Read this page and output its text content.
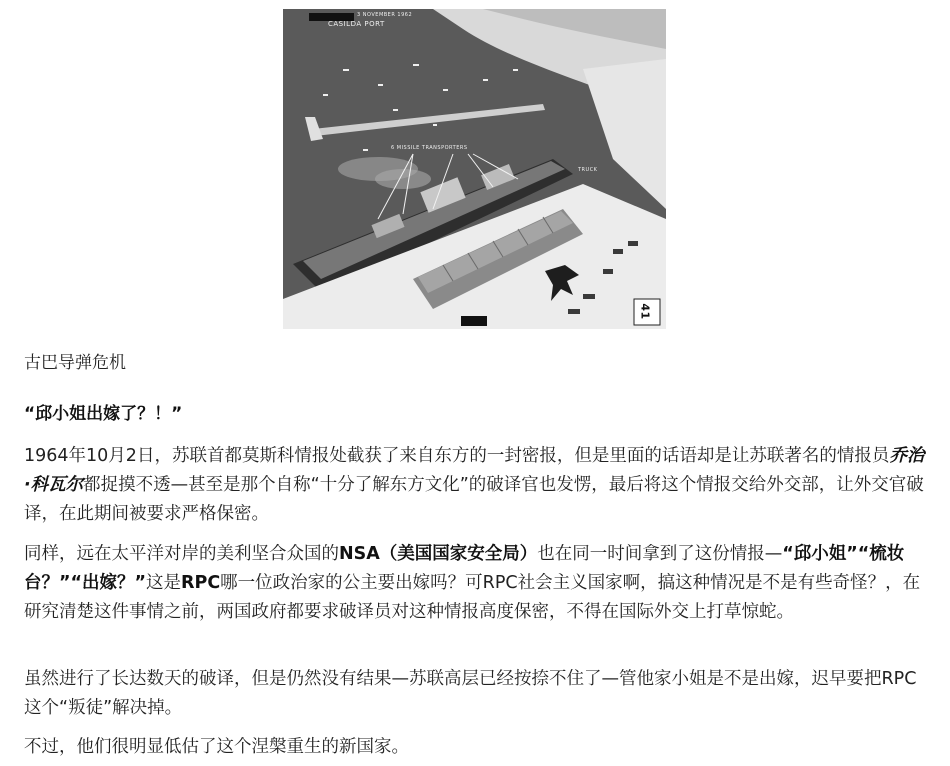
CASILDA PORT
3 NOVEMBER 1962
6 MISSILE TRANSPORTERS
TRUCK
41
古巴导弹危机
“邱小姐出嫁了？！”

1964年10月2日，苏联首都莫斯科情报处截获了来自东方的一封密报，但是里面的话语却是让苏联著名的情报员乔治·科瓦尔都捉摸不透—甚至是那个自称“十分了解东方文化”的破译官也发愣，最后将这个情报交给外交部，让外交官破译，在此期间被要求严格保密。

同样，远在太平洋对岸的美利坚合众国的NSA（美国国家安全局）也在同一时间拿到了这份情报—“邱小姐”“梳妆台？”“出嫁？”这是RPC哪一位政治家的公主要出嫁吗？可RPC社会主义国家啊，搞这种情况是不是有些奇怪？，在研究清楚这件事情之前，两国政府都要求破译员对这种情报高度保密，不得在国际外交上打草惊蛇。

虽然进行了长达数天的破译，但是仍然没有结果—苏联高层已经按捺不住了—管他家小姐是不是出嫁，迟早要把RPC这个“叛徒”解决掉。

不过，他们很明显低估了这个涅槃重生的新国家。
